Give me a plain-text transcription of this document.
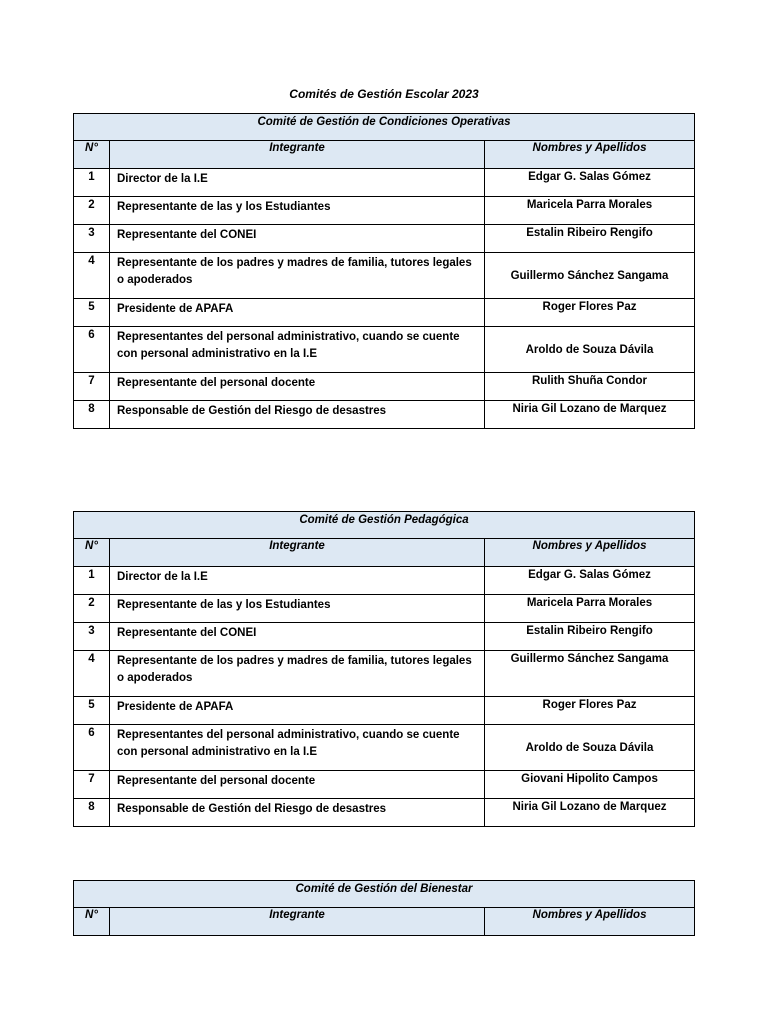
Comités de Gestión Escolar 2023
Comité de Gestión de Condiciones Operativas		
N°	Integrante	Nombres y Apellidos
1	Director de la I.E	Edgar G. Salas Gómez
2	Representante de las y los Estudiantes	Maricela Parra Morales
3	Representante del CONEI	Estalin Ribeiro Rengifo
4	Representante de los padres y madres de familia, tutores legales o apoderados	Guillermo Sánchez Sangama
5	Presidente de APAFA	Roger Flores Paz
6	Representantes del personal administrativo, cuando se cuente con personal administrativo en la I.E	Aroldo de Souza Dávila
7	Representante del personal docente	Rulith Shuña Condor
8	Responsable de Gestión del Riesgo de desastres	Niria Gil Lozano de Marquez
Comité de Gestión Pedagógica		
N°	Integrante	Nombres y Apellidos
1	Director de la I.E	Edgar G. Salas Gómez
2	Representante de las y los Estudiantes	Maricela Parra Morales
3	Representante del CONEI	Estalin Ribeiro Rengifo
4	Representante de los padres y madres de familia, tutores legales o apoderados	Guillermo Sánchez Sangama
5	Presidente de APAFA	Roger Flores Paz
6	Representantes del personal administrativo, cuando se cuente con personal administrativo en la I.E	Aroldo de Souza Dávila
7	Representante del personal docente	Giovani Hipolito Campos
8	Responsable de Gestión del Riesgo de desastres	Niria Gil Lozano de Marquez
Comité de Gestión del Bienestar
N°	Integrante	Nombres y Apellidos
